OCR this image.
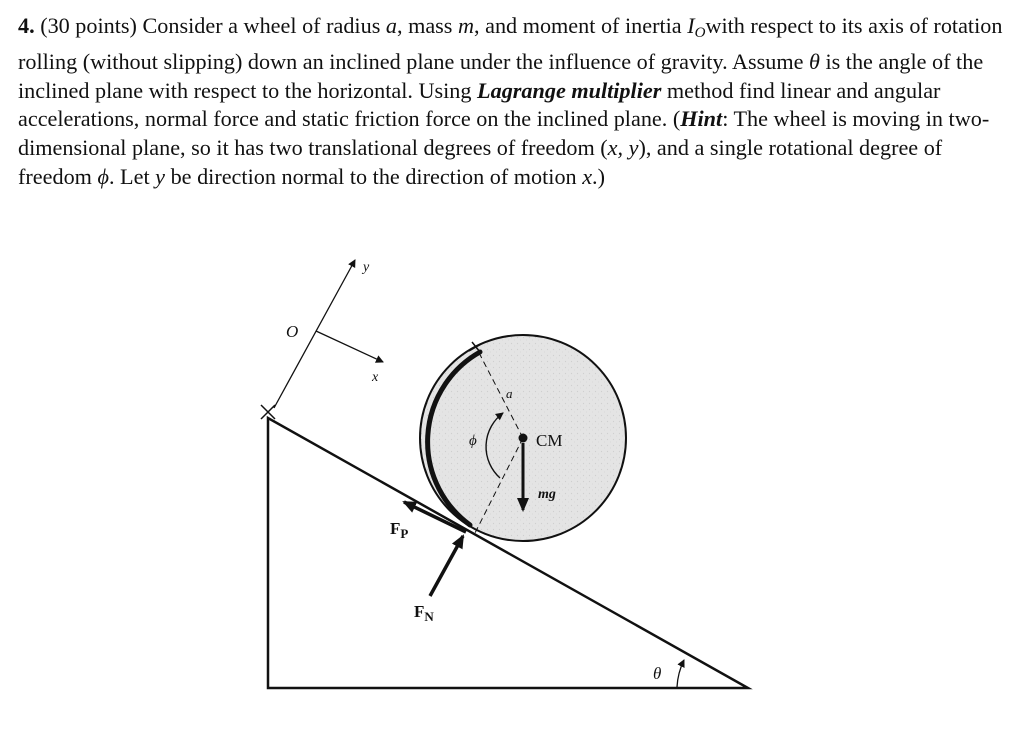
4. (30 points) Consider a wheel of radius a, mass m, and moment of inertia $I_Owith$ respect to its axis of rotation rolling (without slipping) down an inclined plane under the influence of gravity. Assume θ is the angle of the inclined plane with respect to the horizontal. Using Lagrange multiplier method find linear and angular accelerations, normal force and static friction force on the inclined plane. (Hint: The wheel is moving in two-dimensional plane, so it has two translational degrees of freedom (x, y), and a single rotational degree of freedom ϕ. Let y be direction normal to the direction of motion x.)

y
O
x
a
ϕ	CM
mg
$F_P$
$F_N$
θ
